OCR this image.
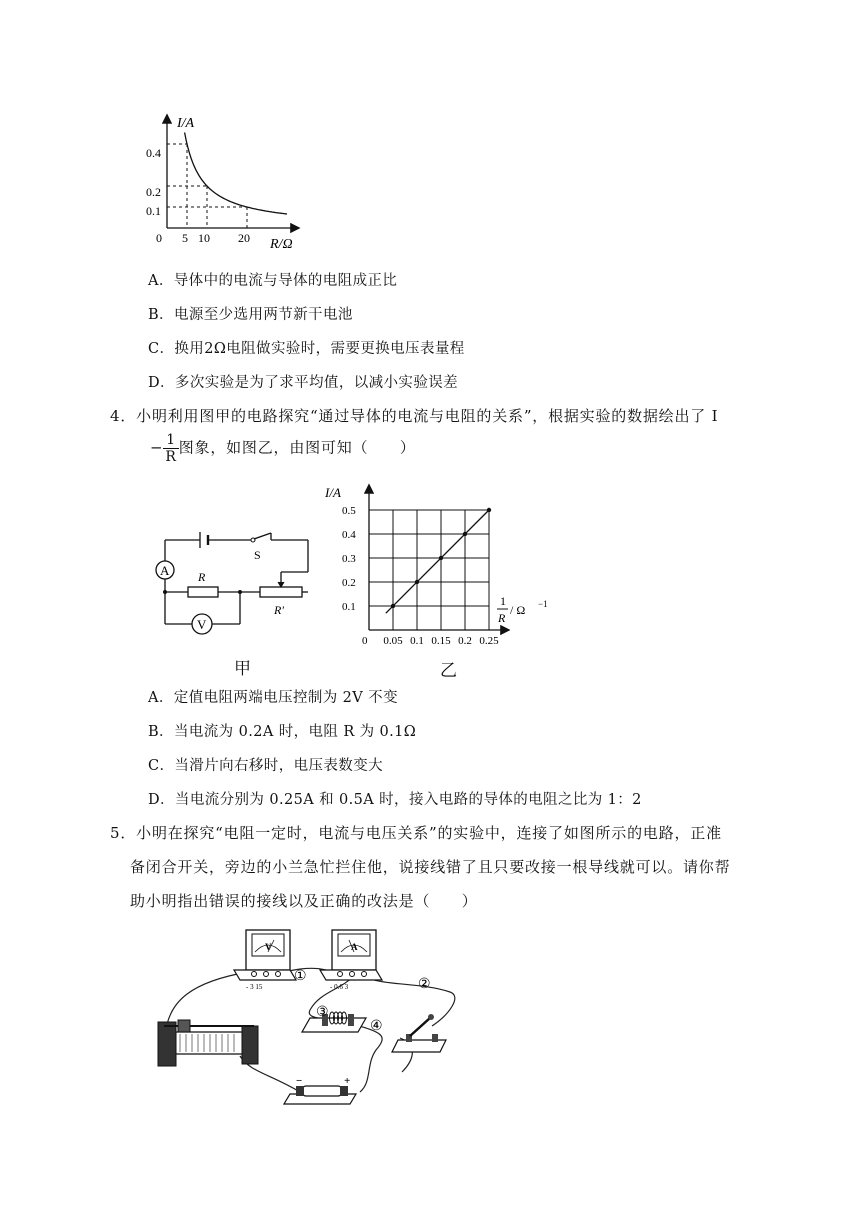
I/A
R/Ω
0
0.4
0.2
0.1
5 10 20
A．导体中的电流与导体的电阻成正比
B．电源至少选用两节新干电池
C．换用2Ω电阻做实验时，需要更换电压表量程
D．多次实验是为了求平均值，以减小实验误差
4．小明利用图甲的电路探究“通过导体的电流与电阻的关系”，根据实验的数据绘出了 I
− $\frac{1}{R}$ 图象，如图乙，由图可知（　　）
A
V
S
R
R′
甲
0.1
0.2
0.3
0.4
0.5
0.05 0.1 0.15 0.2 0.25
I/A
0
1
R
/ Ω −1
乙
A．定值电阻两端电压控制为 2V 不变
B．当电流为 0.2A 时，电阻 R 为 0.1Ω
C．当滑片向右移时，电压表数变大
D．当电流分别为 0.25A 和 0.5A 时，接入电路的导体的电阻之比为 1：2
5．小明在探究“电阻一定时，电流与电压关系”的实验中，连接了如图所示的电路，正准
备闭合开关，旁边的小兰急忙拦住他，说接线错了且只要改接一根导线就可以。请你帮
助小明指出错误的接线以及正确的改法是（　　）
V
- 3 15
A
- 0.6 3
−	+
①
②
③
④
